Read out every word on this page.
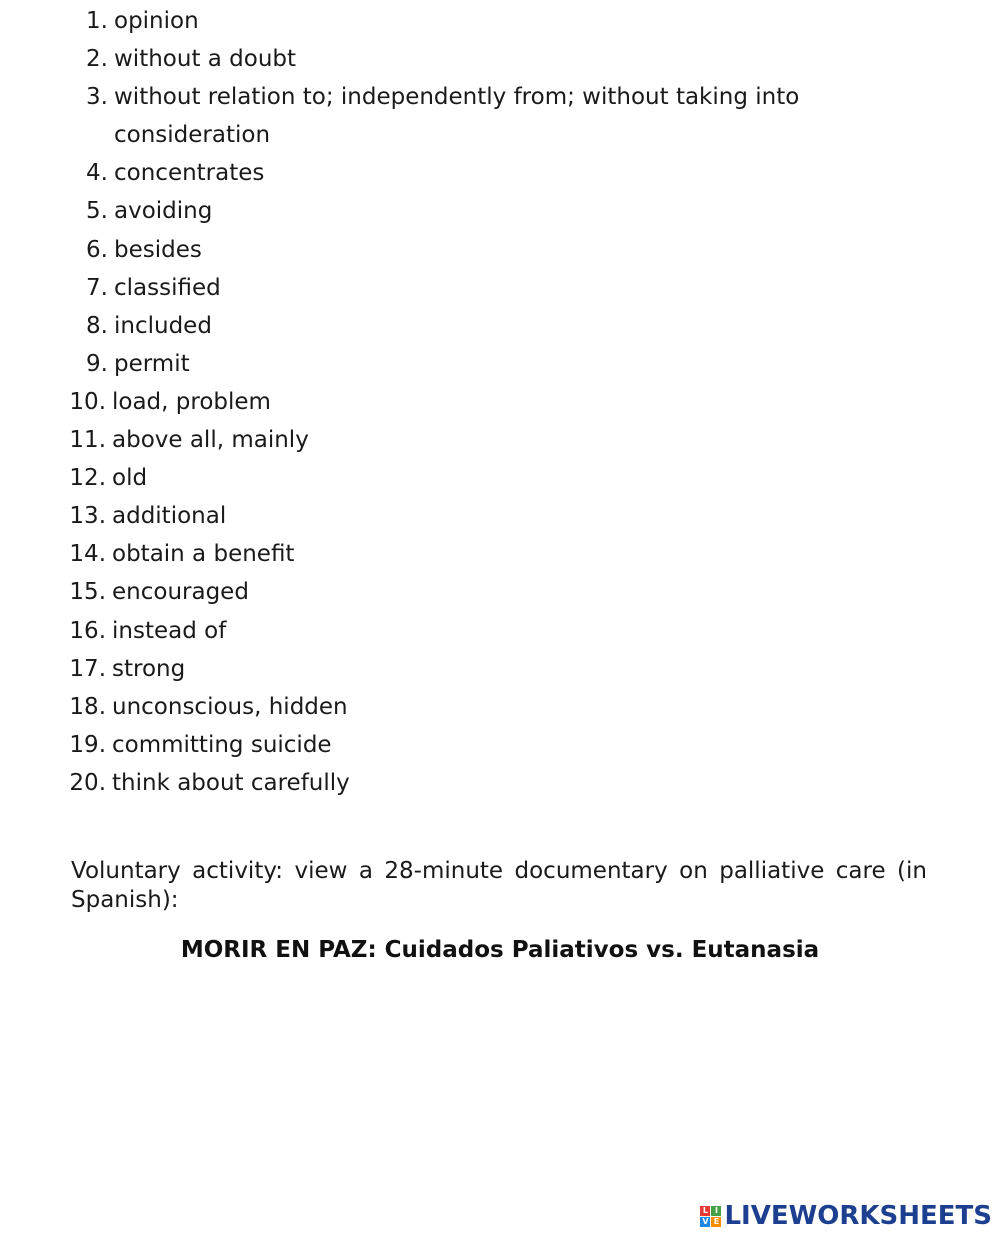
1. opinion
2. without a doubt
3. without relation to; independently from; without taking into consideration
4. concentrates
5. avoiding
6. besides
7. classified
8. included
9. permit
10. load, problem
11. above all, mainly
12. old
13. additional
14. obtain a benefit
15. encouraged
16. instead of
17. strong
18. unconscious, hidden
19. committing suicide
20. think about carefully

Voluntary activity: view a 28-minute documentary on palliative care (in Spanish):

MORIR EN PAZ: Cuidados Paliativos vs. Eutanasia

L I
V E LIVEWORKSHEETS
